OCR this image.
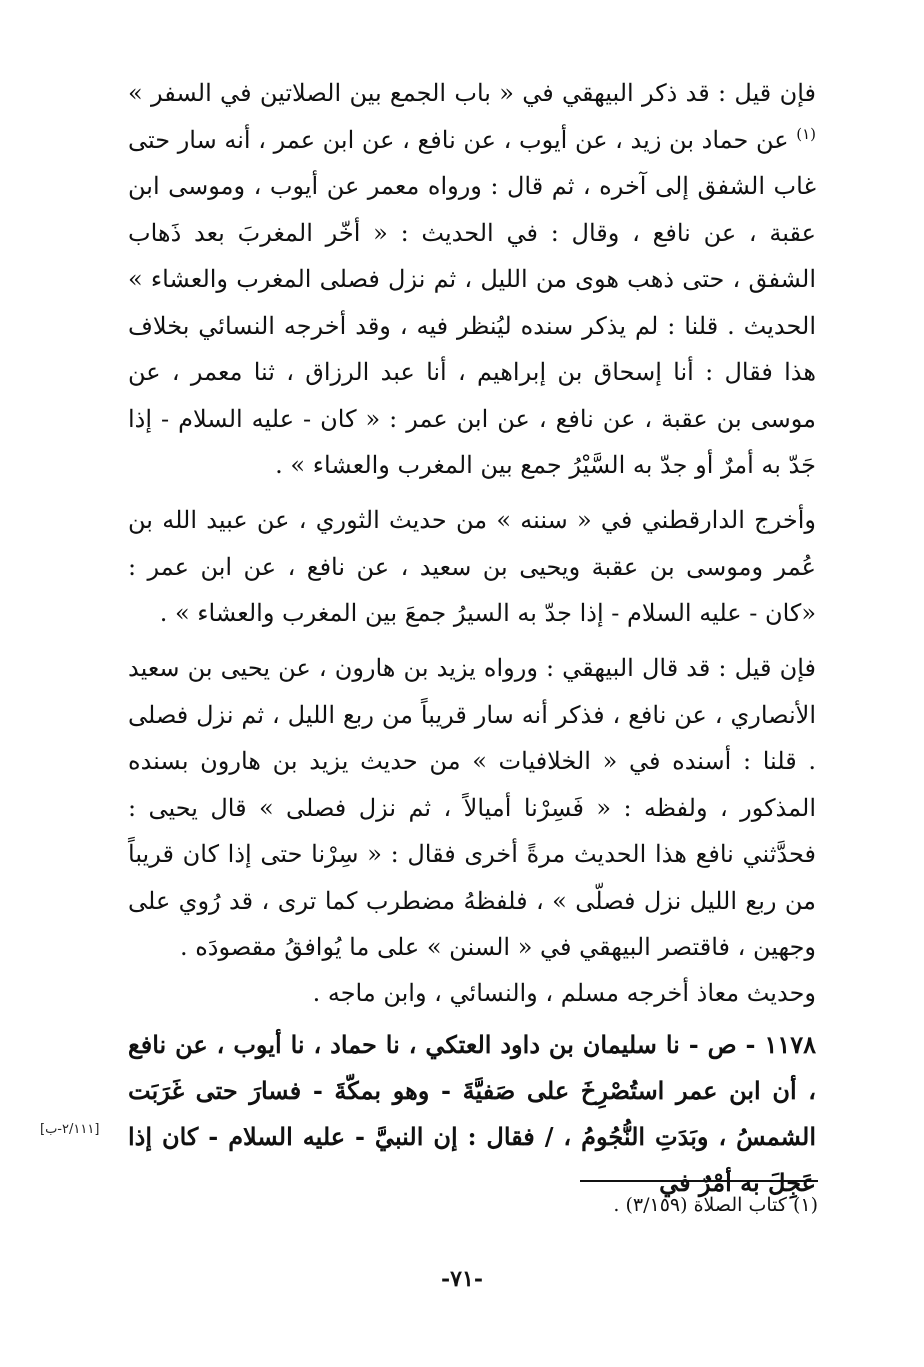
فإن قيل : قد ذكر البيهقي في « باب الجمع بين الصلاتين في السفر » $^{(١)}$ عن حماد بن زيد ، عن أيوب ، عن نافع ، عن ابن عمر ، أنه سار حتى غاب الشفق إلى آخره ، ثم قال : ورواه معمر عن أيوب ، وموسى ابن عقبة ، عن نافع ، وقال : في الحديث : « أخّر المغربَ بعد ذَهاب الشفق ، حتى ذهب هوى من الليل ، ثم نزل فصلى المغرب والعشاء » الحديث . قلنا : لم يذكر سنده ليُنظر فيه ، وقد أخرجه النسائي بخلاف هذا فقال : أنا إسحاق بن إبراهيم ، أنا عبد الرزاق ، ثنا معمر ، عن موسى بن عقبة ، عن نافع ، عن ابن عمر : « كان - عليه السلام - إذا جَدّ به أمرٌ أو جدّ به السَّيْرُ جمع بين المغرب والعشاء » .
وأخرج الدارقطني في « سننه » من حديث الثوري ، عن عبيد الله بن عُمر وموسى بن عقبة ويحيى بن سعيد ، عن نافع ، عن ابن عمر : «كان - عليه السلام - إذا جدّ به السيرُ جمعَ بين المغرب والعشاء » .
فإن قيل : قد قال البيهقي : ورواه يزيد بن هارون ، عن يحيى بن سعيد الأنصاري ، عن نافع ، فذكر أنه سار قريباً من ربع الليل ، ثم نزل فصلى . قلنا : أسنده في « الخلافيات » من حديث يزيد بن هارون بسنده المذكور ، ولفظه : « فَسِرْنا أميالاً ، ثم نزل فصلى » قال يحيى : فحدَّثني نافع هذا الحديث مرةً أخرى فقال : « سِرْنا حتى إذا كان قريباً من ربع الليل نزل فصلّى » ، فلفظهُ مضطرب كما ترى ، قد رُوي على وجهين ، فاقتصر البيهقي في « السنن » على ما يُوافقُ مقصودَه .
وحديث معاذ أخرجه مسلم ، والنسائي ، وابن ماجه .
١١٧٨ - ص - نا سليمان بن داود العتكي ، نا حماد ، نا أيوب ، عن نافع ، أن ابن عمر استُصْرِخَ على صَفيَّةَ - وهو بمكّةَ - فسارَ حتى غَرَبَت الشمسُ ، وبَدَتِ النُّجُومُ ، / فقال : إن النبيَّ - عليه السلام - كان إذا عَجِلَ به أمْرٌ في
[٢/١١١-ب]
(١) كتاب الصلاة (٣/١٥٩) .
-٧١-
